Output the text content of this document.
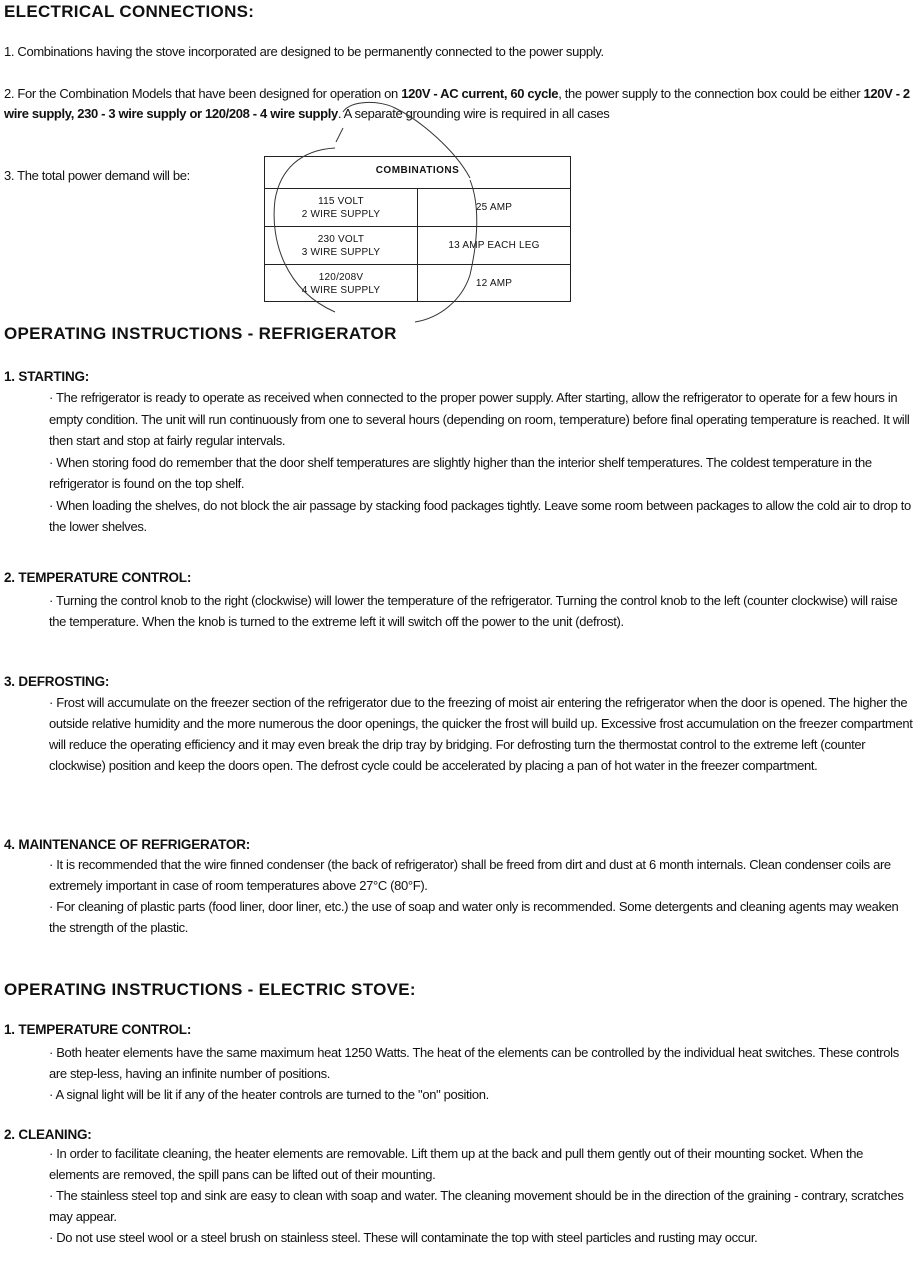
ELECTRICAL CONNECTIONS:
1. Combinations having the stove incorporated are designed to be permanently connected to the power supply.
2. For the Combination Models that have been designed for operation on 120V - AC current, 60 cycle, the power supply to the connection box could be either 120V - 2 wire supply, 230 - 3 wire supply or 120/208 - 4 wire supply. A separate grounding wire is required in all cases
3. The total power demand will be:	COMBINATIONS
115 VOLT
2 WIRE SUPPLY
25 AMP
230 VOLT
3 WIRE SUPPLY
13 AMP EACH LEG
120/208V
4 WIRE SUPPLY
12 AMP
OPERATING INSTRUCTIONS - REFRIGERATOR
1. STARTING:
· The refrigerator is ready to operate as received when connected to the proper power supply. After starting, allow the refrigerator to operate for a few hours in empty condition. The unit will run continuously from one to several hours (depending on room, temperature) before final operating temperature is reached. It will then start and stop at fairly regular intervals.
· When storing food do remember that the door shelf temperatures are slightly higher than the interior shelf temperatures. The coldest temperature in the refrigerator is found on the top shelf.
· When loading the shelves, do not block the air passage by stacking food packages tightly. Leave some room between packages to allow the cold air to drop to the lower shelves.
2. TEMPERATURE CONTROL:
· Turning the control knob to the right (clockwise) will lower the temperature of the refrigerator. Turning the control knob to the left (counter clockwise) will raise the temperature. When the knob is turned to the extreme left it will switch off the power to the unit (defrost).
3. DEFROSTING:
· Frost will accumulate on the freezer section of the refrigerator due to the freezing of moist air entering the refrigerator when the door is opened. The higher the outside relative humidity and the more numerous the door openings, the quicker the frost will build up. Excessive frost accumulation on the freezer compartment will reduce the operating efficiency and it may even break the drip tray by bridging. For defrosting turn the thermostat control to the extreme left (counter clockwise) position and keep the doors open. The defrost cycle could be accelerated by placing a pan of hot water in the freezer compartment.
4. MAINTENANCE OF REFRIGERATOR:
· It is recommended that the wire finned condenser (the back of refrigerator) shall be freed from dirt and dust at 6 month internals. Clean condenser coils are extremely important in case of room temperatures above 27°C (80°F).
· For cleaning of plastic parts (food liner, door liner, etc.) the use of soap and water only is recommended. Some detergents and cleaning agents may weaken the strength of the plastic.
OPERATING INSTRUCTIONS - ELECTRIC STOVE:
1. TEMPERATURE CONTROL:
· Both heater elements have the same maximum heat 1250 Watts. The heat of the elements can be controlled by the individual heat switches. These controls are step-less, having an infinite number of positions.
· A signal light will be lit if any of the heater controls are turned to the "on" position.
2. CLEANING:
· In order to facilitate cleaning, the heater elements are removable. Lift them up at the back and pull them gently out of their mounting socket. When the elements are removed, the spill pans can be lifted out of their mounting.
· The stainless steel top and sink are easy to clean with soap and water. The cleaning movement should be in the direction of the graining - contrary, scratches may appear.
· Do not use steel wool or a steel brush on stainless steel. These will contaminate the top with steel particles and rusting may occur.
